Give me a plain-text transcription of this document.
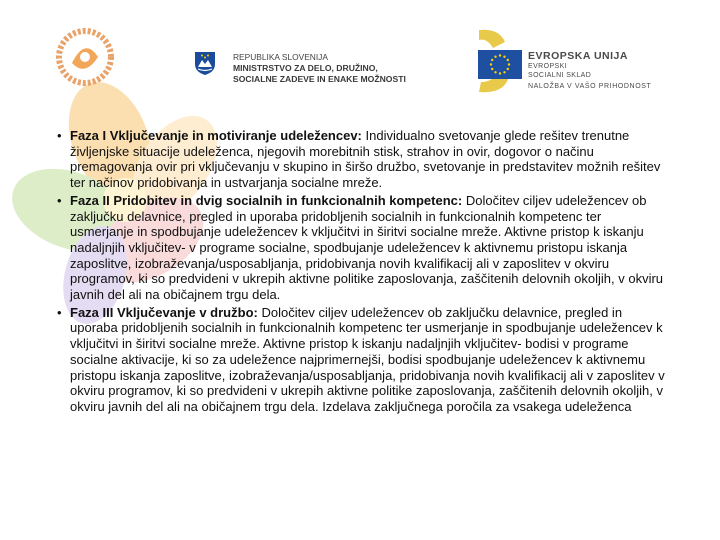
REPUBLIKA SLOVENIJA
MINISTRSTVO ZA DELO, DRUŽINO,
SOCIALNE ZADEVE IN ENAKE MOŽNOSTI
EVROPSKA UNIJA
EVROPSKI
SOCIALNI SKLAD
NALOŽBA V VAŠO PRIHODNOST
• Faza I Vključevanje in motiviranje udeležencev: Individualno svetovanje glede rešitev trenutne življenjske situacije udeleženca, njegovih morebitnih stisk, strahov in ovir, dogovor o načinu premagovanja ovir pri vključevanju v skupino in širšo družbo, svetovanje in predstavitev možnih rešitev ter načinov pridobivanja in ustvarjanja socialne mreže.
• Faza II Pridobitev in dvig socialnih in funkcionalnih kompetenc: Določitev ciljev udeležencev ob zaključku delavnice, pregled in uporaba pridobljenih socialnih in funkcionalnih kompetenc ter usmerjanje in spodbujanje udeležencev k vključitvi in širitvi socialne mreže. Aktivne pristop k iskanju nadaljnjih vključitev- v programe socialne, spodbujanje udeležencev k aktivnemu pristopu iskanja zaposlitve, izobraževanja/usposabljanja, pridobivanja novih kvalifikacij ali v zaposlitev v okviru programov, ki so predvideni v ukrepih aktivne politike zaposlovanja, zaščitenih delovnih okoljih, v okviru javnih del ali na običajnem trgu dela.
• Faza III Vključevanje v družbo: Določitev ciljev udeležencev ob zaključku delavnice, pregled in uporaba pridobljenih socialnih in funkcionalnih kompetenc ter usmerjanje in spodbujanje udeležencev k vključitvi in širitvi socialne mreže. Aktivne pristop k iskanju nadaljnjih vključitev- bodisi v programe socialne aktivacije, ki so za udeležence najprimernejši, bodisi spodbujanje udeležencev k aktivnemu pristopu iskanja zaposlitve, izobraževanja/usposabljanja, pridobivanja novih kvalifikacij ali v zaposlitev v okviru programov, ki so predvideni v ukrepih aktivne politike zaposlovanja, zaščitenih delovnih okoljih, v okviru javnih del ali na običajnem trgu dela. Izdelava zaključnega poročila za vsakega udeleženca
